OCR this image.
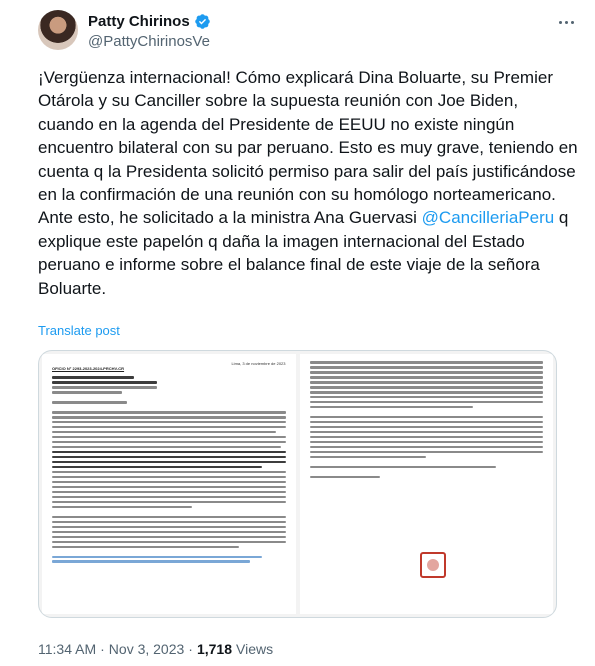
Patty Chirinos
@PattyChirinosVe
¡Vergüenza internacional! Cómo explicará Dina Boluarte, su Premier Otárola y su Canciller sobre la supuesta reunión con Joe Biden, cuando en la agenda del Presidente de EEUU no existe ningún encuentro bilateral con su par peruano. Esto es muy grave, teniendo en cuenta q la Presidenta solicitó permiso para salir del país justificándose en la confirmación de una reunión con su homólogo norteamericano. Ante esto, he solicitado a la ministra Ana Guervasi @CancilleriaPeru q explique este papelón q daña la imagen internacional del Estado peruano e informe sobre el balance final de este viaje de la señora Boluarte.
Translate post
Lima, 3 de noviembre de 2023
OFICIO N° 2293-2023-2024-PRCHV-CR
11:34 AM · Nov 3, 2023 · 1,718 Views
